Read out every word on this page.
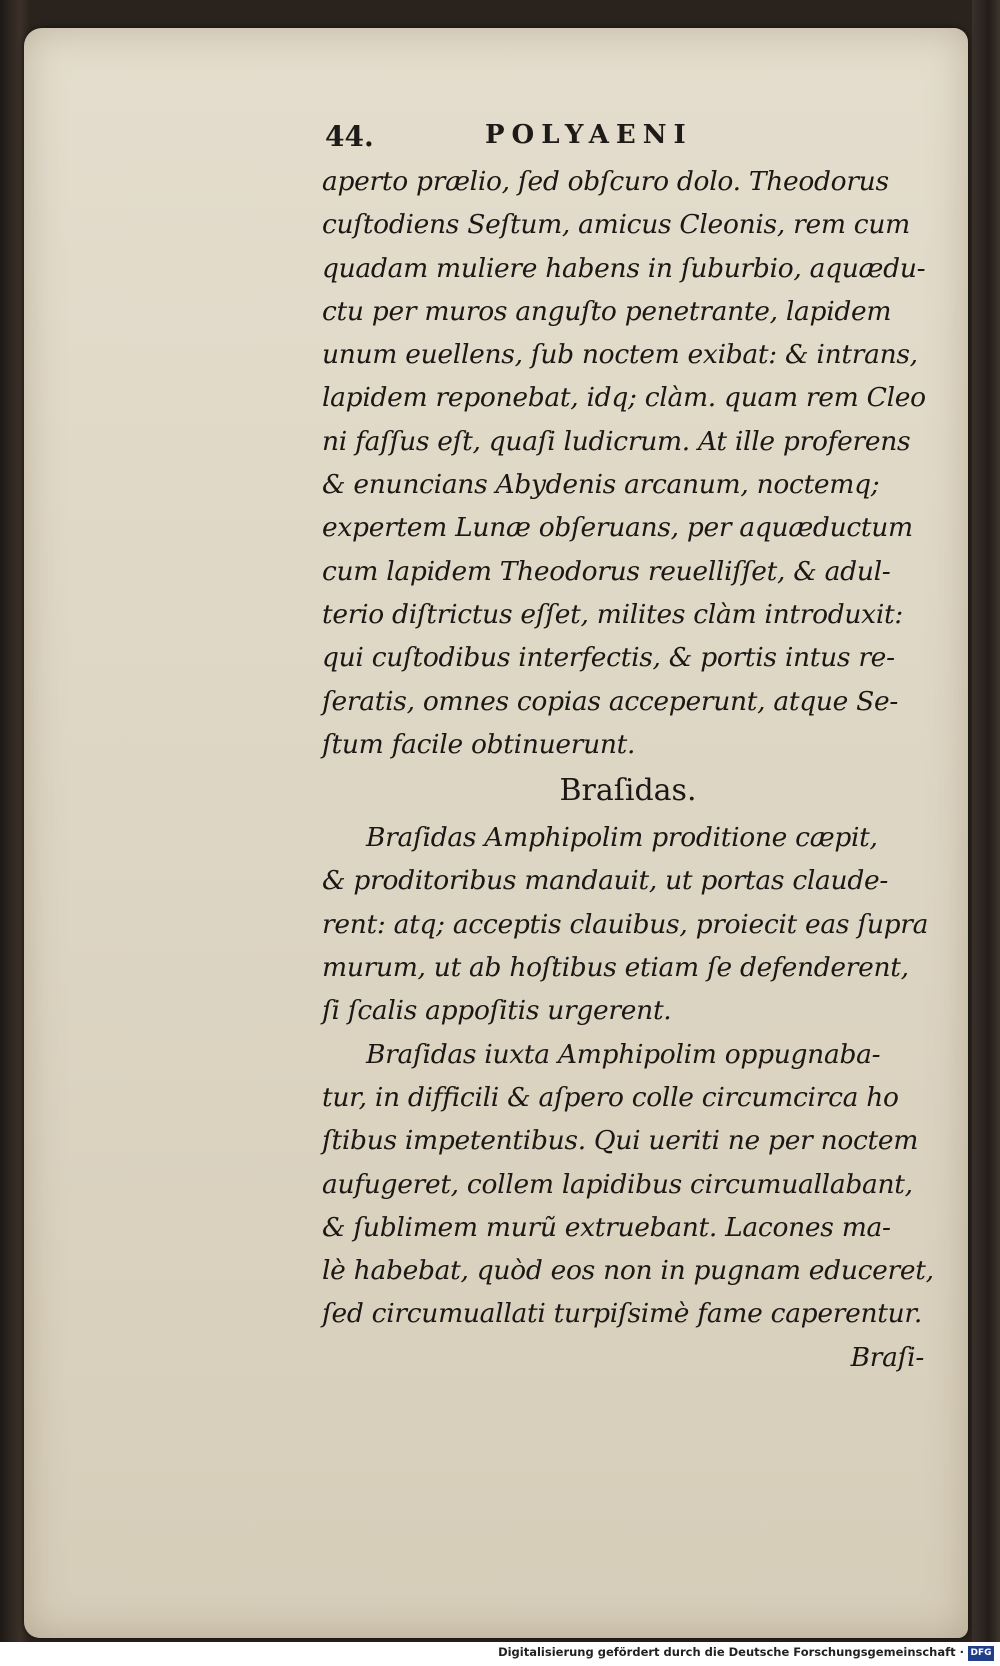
44.	POLYAENI
aperto prælio, ſed obſcuro dolo. Theodorus
cuſtodiens Seſtum, amicus Cleonis, rem cum
quadam muliere habens in ſuburbio, aquædu-
ctu per muros anguſto penetrante, lapidem
unum euellens, ſub noctem exibat: & intrans,
lapidem reponebat, idq; clàm. quam rem Cleo
ni faſſus eſt, quaſi ludicrum. At ille proferens
& enuncians Abydenis arcanum, noctemq;
expertem Lunæ obſeruans, per aquæductum
cum lapidem Theodorus reuelliſſet, & adul-
terio diſtrictus eſſet, milites clàm introduxit:
qui cuſtodibus interfectis, & portis intus re-
ſeratis, omnes copias acceperunt, atque Se-
ſtum facile obtinuerunt.
Braſidas.
Braſidas Amphipolim proditione cæpit,
& proditoribus mandauit, ut portas claude-
rent: atq; acceptis clauibus, proiecit eas ſupra
murum, ut ab hoſtibus etiam ſe defenderent,
ſi ſcalis appoſitis urgerent.
Braſidas iuxta Amphipolim oppugnaba-
tur, in difficili & aſpero colle circumcirca ho
ſtibus impetentibus. Qui ueriti ne per noctem
aufugeret, collem lapidibus circumuallabant,
& ſublimem murũ extruebant. Lacones ma-
lè habebat, quòd eos non in pugnam educeret,
ſed circumuallati turpiſsimè fame caperentur.
Braſi-
Digitalisierung gefördert durch die Deutsche Forschungsgemeinschaft · DFG
